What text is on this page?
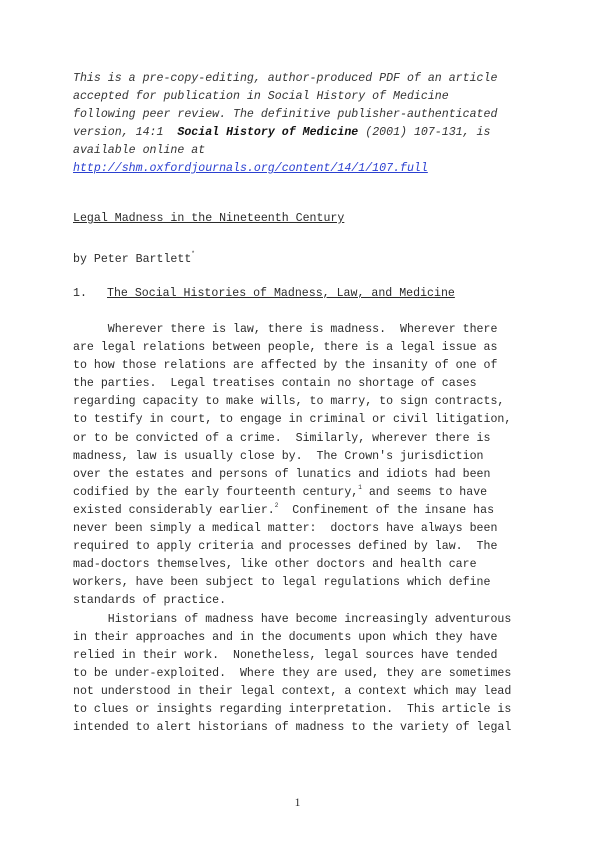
This is a pre-copy-editing, author-produced PDF of an article
accepted for publication in Social History of Medicine
following peer review. The definitive publisher-authenticated
version, 14:1  Social History of Medicine (2001) 107-131, is
available online at
http://shm.oxfordjournals.org/content/14/1/107.full
Legal Madness in the Nineteenth Century
by Peter Bartlett*
1. The Social Histories of Madness, Law, and Medicine
Wherever there is law, there is madness.  Wherever there
are legal relations between people, there is a legal issue as
to how those relations are affected by the insanity of one of
the parties.  Legal treatises contain no shortage of cases
regarding capacity to make wills, to marry, to sign contracts,
to testify in court, to engage in criminal or civil litigation,
or to be convicted of a crime.  Similarly, wherever there is
madness, law is usually close by.  The Crown's jurisdiction
over the estates and persons of lunatics and idiots had been
codified by the early fourteenth century,$^1$ and seems to have
existed considerably earlier.$^2$  Confinement of the insane has
never been simply a medical matter:  doctors have always been
required to apply criteria and processes defined by law.  The
mad-doctors themselves, like other doctors and health care
workers, have been subject to legal regulations which define
standards of practice.
Historians of madness have become increasingly adventurous
in their approaches and in the documents upon which they have
relied in their work.  Nonetheless, legal sources have tended
to be under-exploited.  Where they are used, they are sometimes
not understood in their legal context, a context which may lead
to clues or insights regarding interpretation.  This article is
intended to alert historians of madness to the variety of legal
1
